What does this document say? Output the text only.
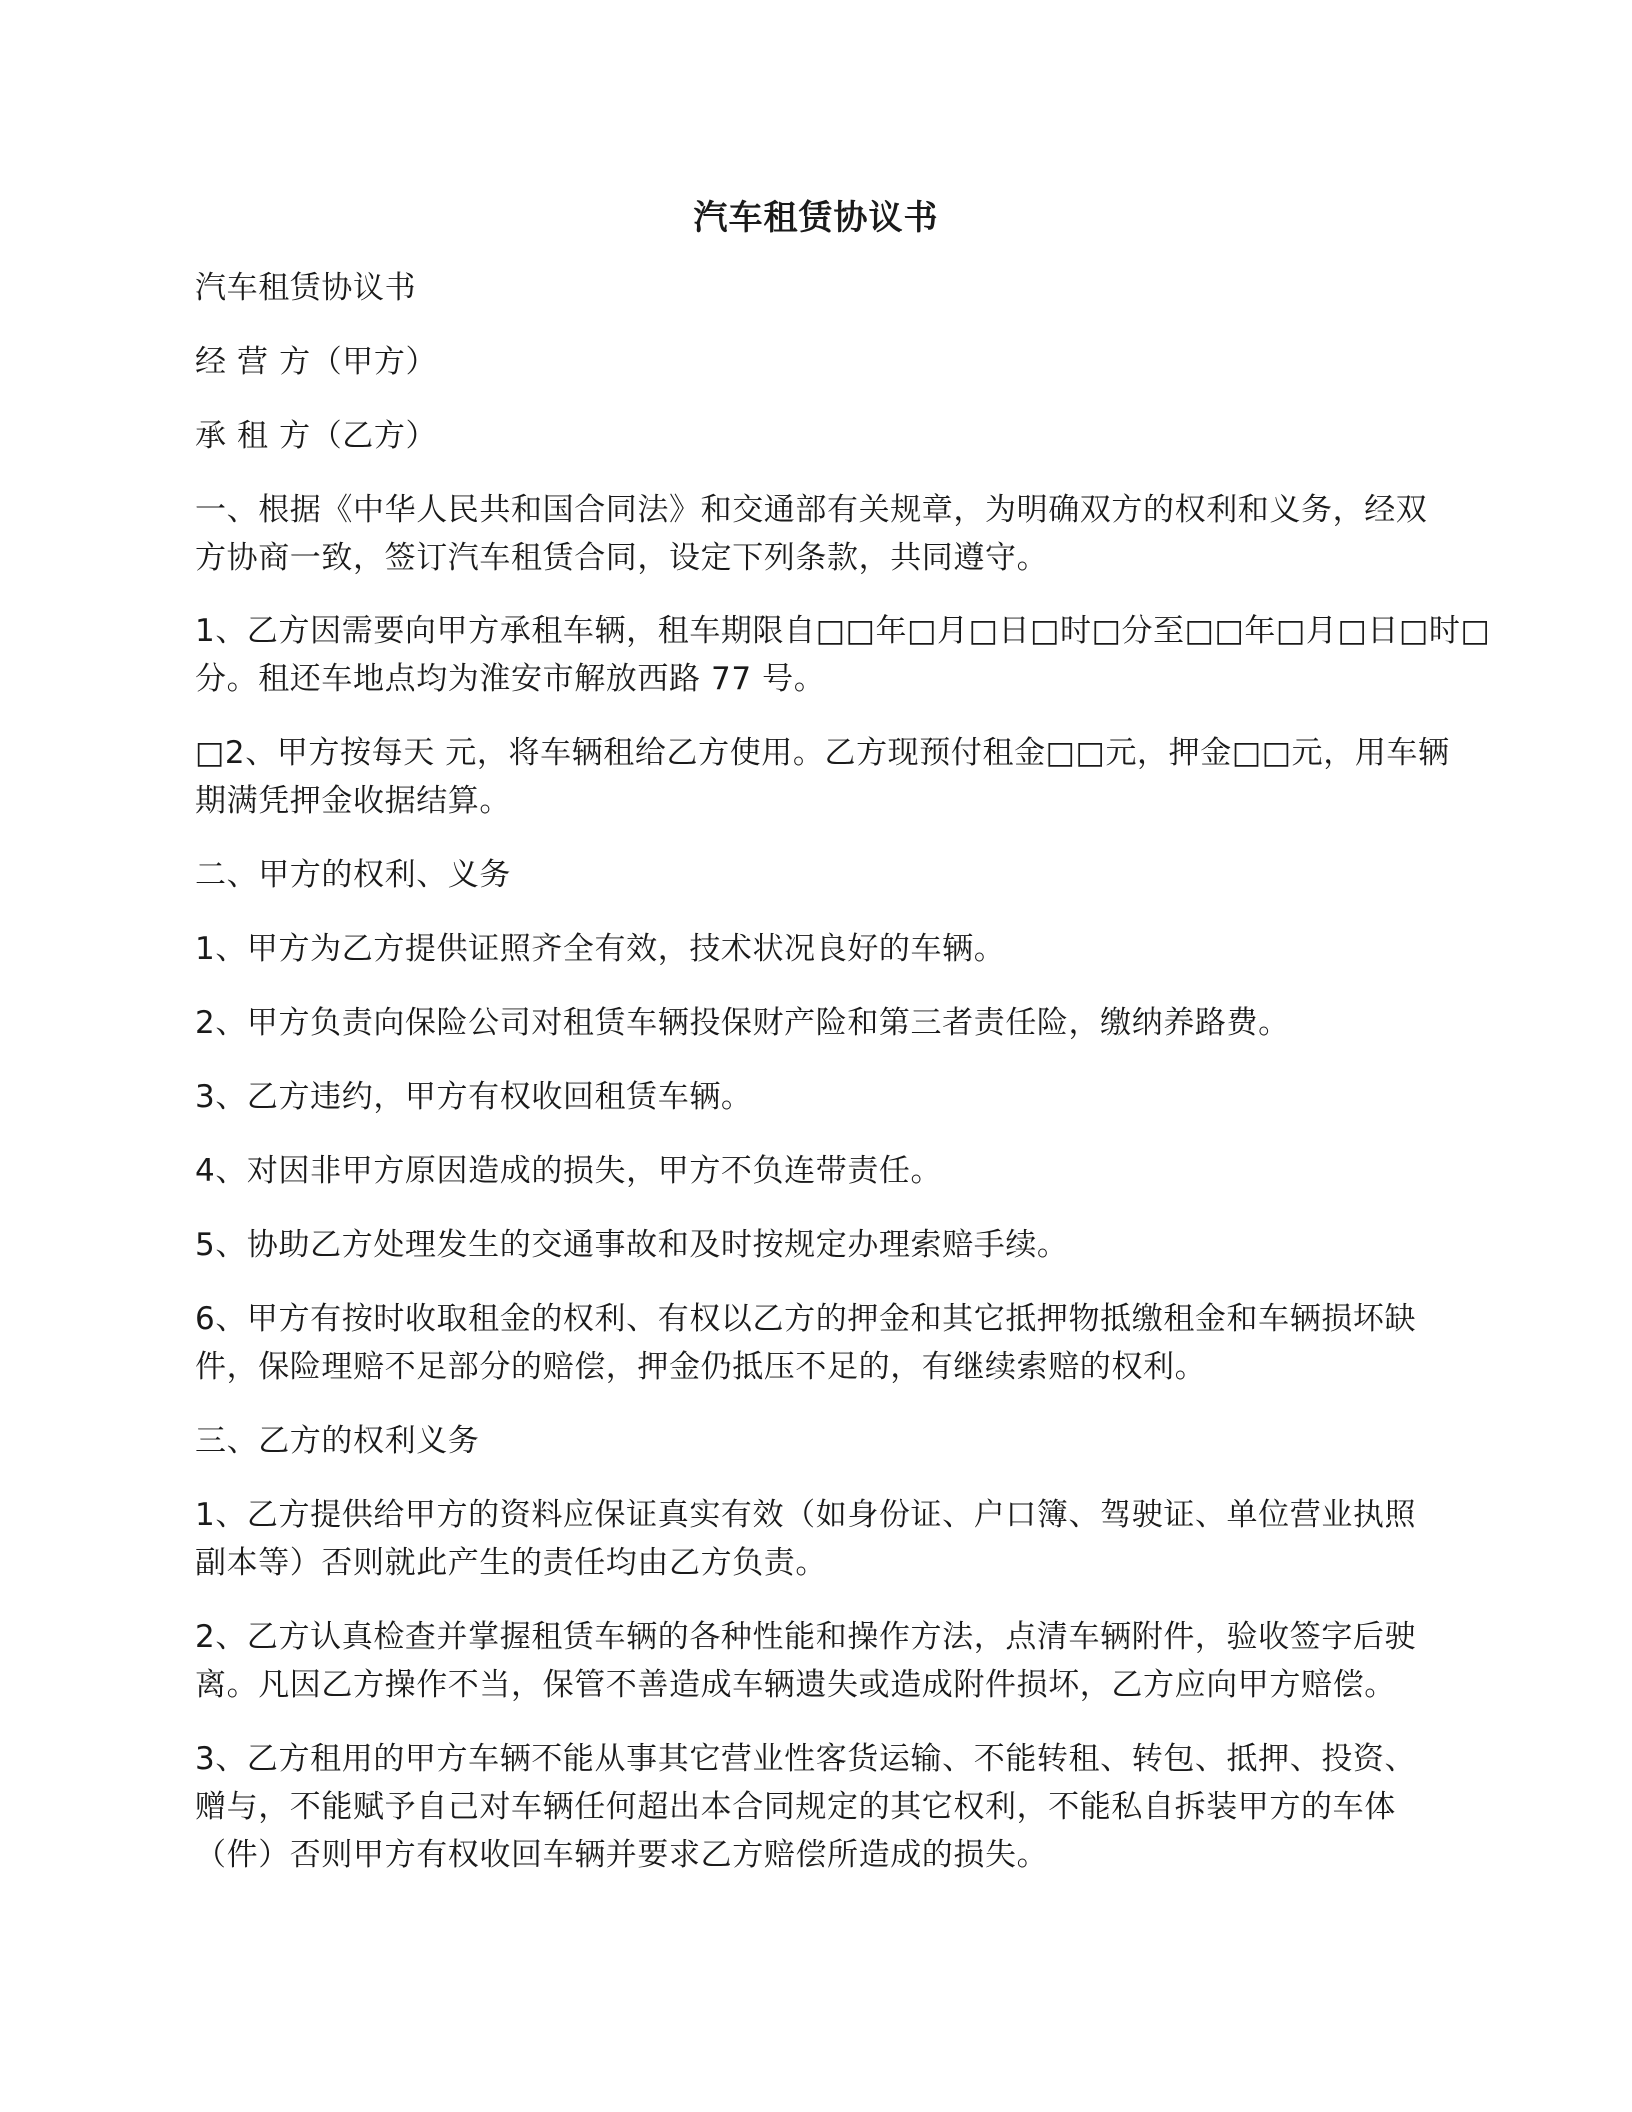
汽车租赁协议书
汽车租赁协议书
经 营 方（甲方）
承 租 方（乙方）
一、根据《中华人民共和国合同法》和交通部有关规章，为明确双方的权利和义务，经双
方协商一致，签订汽车租赁合同，设定下列条款，共同遵守。
1、乙方因需要向甲方承租车辆，租车期限自□□年□月□日□时□分至□□年□月□日□时□
分。租还车地点均为淮安市解放西路 77 号。
□2、甲方按每天 元，将车辆租给乙方使用。乙方现预付租金□□元，押金□□元，用车辆
期满凭押金收据结算。
二、甲方的权利、义务
1、甲方为乙方提供证照齐全有效，技术状况良好的车辆。
2、甲方负责向保险公司对租赁车辆投保财产险和第三者责任险，缴纳养路费。
3、乙方违约，甲方有权收回租赁车辆。
4、对因非甲方原因造成的损失，甲方不负连带责任。
5、协助乙方处理发生的交通事故和及时按规定办理索赔手续。
6、甲方有按时收取租金的权利、有权以乙方的押金和其它抵押物抵缴租金和车辆损坏缺
件，保险理赔不足部分的赔偿，押金仍抵压不足的，有继续索赔的权利。
三、乙方的权利义务
1、乙方提供给甲方的资料应保证真实有效（如身份证、户口簿、驾驶证、单位营业执照
副本等）否则就此产生的责任均由乙方负责。
2、乙方认真检查并掌握租赁车辆的各种性能和操作方法，点清车辆附件，验收签字后驶
离。凡因乙方操作不当，保管不善造成车辆遗失或造成附件损坏，乙方应向甲方赔偿。
3、乙方租用的甲方车辆不能从事其它营业性客货运输、不能转租、转包、抵押、投资、
赠与，不能赋予自己对车辆任何超出本合同规定的其它权利，不能私自拆装甲方的车体
（件）否则甲方有权收回车辆并要求乙方赔偿所造成的损失。
